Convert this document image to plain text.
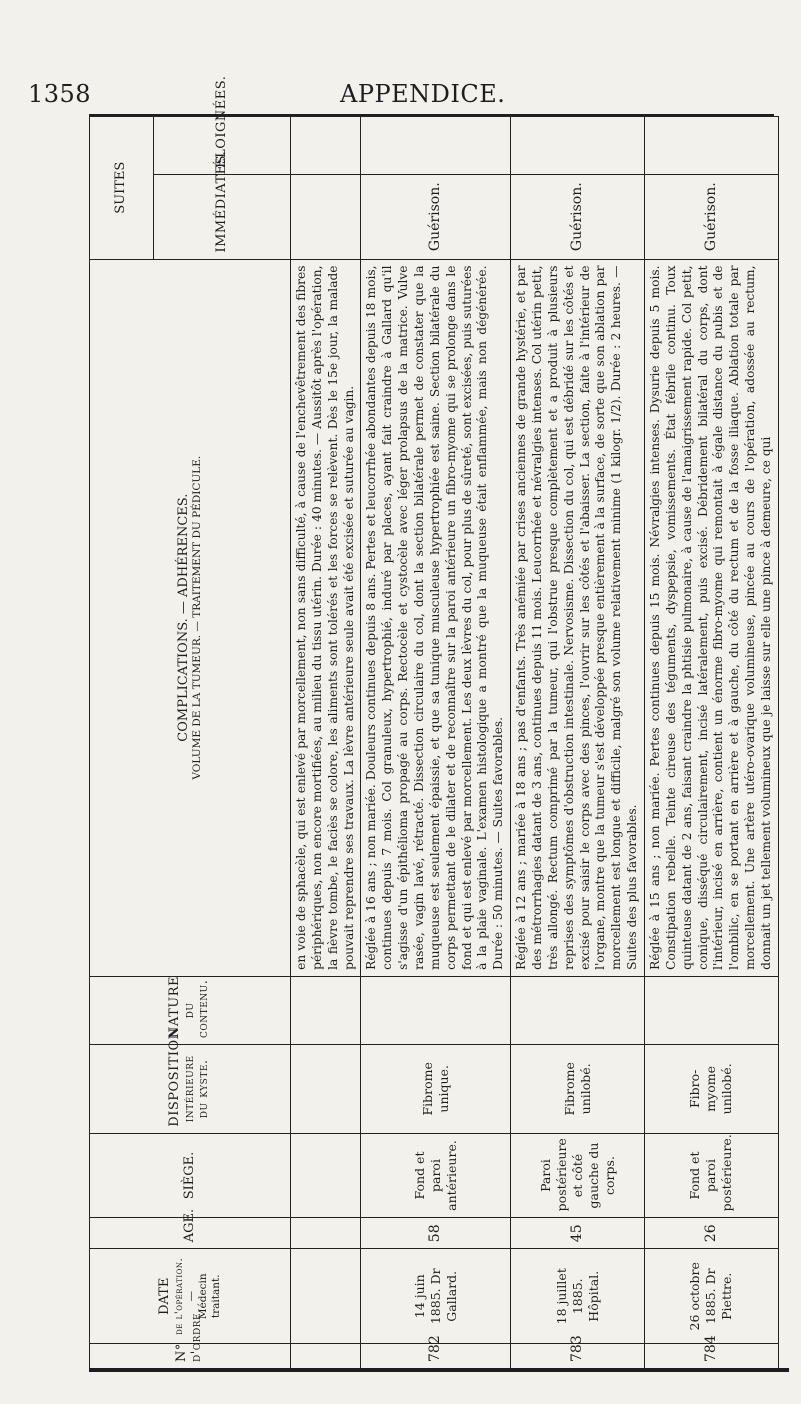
1358	APPENDICE.
N° d'ordre.	DATE de l'opération. — Médecin traitant.	AGE.	SIÈGE.	DISPOSITION intérieure du kyste.	NATURE du contenu.	COMPLICATIONS. — ADHÉRENCES. VOLUME DE LA TUMEUR. — TRAITEMENT DU PÉDICULE.	SUITES	
							IMMÉDIATES.	ÉLOIGNÉES.
						en voie de sphacèle, qui est enlevé par morcellement, non sans difficulté, à cause de l'enchevêtrement des fibres périphériques, non encore mortifiées, au milieu du tissu utérin. Durée : 40 minutes. — Aussitôt après l'opération, la fièvre tombe, le faciès se colore, les aliments sont tolérés et les forces se relèvent. Dès le 15e jour, la malade pouvait reprendre ses travaux. La lèvre antérieure seule avait été excisée et suturée au vagin.		
782	14 juin 1885. Dr Gallard.	58	Fond et paroi antérieure.	Fibrome unique.		Réglée à 16 ans ; non mariée. Douleurs continues depuis 8 ans. Pertes et leucorrhée abondantes depuis 18 mois, continues depuis 7 mois. Col granuleux, hypertrophié, induré par places, ayant fait craindre à Gallard qu'il s'agisse d'un épithélioma propagé au corps. Rectocèle et cystocèle avec léger prolapsus de la matrice. Vulve rasée, vagin lavé, rétracté. Dissection circulaire du col, dont la section bilatérale permet de constater que la muqueuse est seulement épaissie, et que sa tunique musculeuse hypertrophiée est saine. Section bilatérale du corps permettant de le dilater et de reconnaître sur la paroi antérieure un fibro-myome qui se prolonge dans le fond et qui est enlevé par morcellement. Les deux lèvres du col, pour plus de sûreté, sont excisées, puis suturées à la plaie vaginale. L'examen histologique a montré que la muqueuse était enflammée, mais non dégénérée. Durée : 50 minutes. — Suites favorables.	Guérison.	
783	18 juillet 1885. Hôpital.	45	Paroi postérieure et côté gauche du corps.	Fibrome unilobé.		Réglée à 12 ans ; mariée à 18 ans ; pas d'enfants. Très anémiée par crises anciennes de grande hystérie, et par des métrorrhagies datant de 3 ans, continues depuis 11 mois. Leucorrhée et névralgies intenses. Col utérin petit, très allongé. Rectum comprimé par la tumeur, qui l'obstrue presque complètement et a produit à plusieurs reprises des symptômes d'obstruction intestinale. Nervosisme. Dissection du col, qui est débridé sur les côtés et excisé pour saisir le corps avec des pinces, l'ouvrir sur les côtés et l'abaisser. La section, faite à l'intérieur de l'organe, montre que la tumeur s'est développée presque entièrement à la surface, de sorte que son ablation par morcellement est longue et difficile, malgré son volume relativement minime (1 kilogr. 1/2). Durée : 2 heures. — Suites des plus favorables.	Guérison.	
784	26 octobre 1885. Dr Piettre.	26	Fond et paroi postérieure.	Fibro-myome unilobé.		Réglée à 15 ans ; non mariée. Pertes continues depuis 15 mois. Névralgies intenses. Dysurie depuis 5 mois. Constipation rebelle. Teinte cireuse des téguments, dyspepsie, vomissements. État fébrile continu. Toux quinteuse datant de 2 ans, faisant craindre la phtisie pulmonaire, à cause de l'amaigrissement rapide. Col petit, conique, disséqué circulairement, incisé latéralement, puis excisé. Débridement bilatéral du corps, dont l'intérieur, incisé en arrière, contient un énorme fibro-myome qui remontait à égale distance du pubis et de l'ombilic, en se portant en arrière et à gauche, du côté du rectum et de la fosse iliaque. Ablation totale par morcellement. Une artère utéro-ovarique volumineuse, pincée au cours de l'opération, adossée au rectum, donnait un jet tellement volumineux que je laisse sur elle une pince à demeure, ce qui	Guérison.	
